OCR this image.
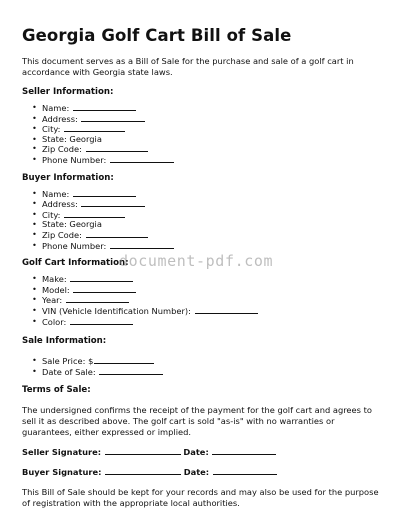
Georgia Golf Cart Bill of Sale

This document serves as a Bill of Sale for the purchase and sale of a golf cart in accordance with Georgia state laws.

Seller Information:
• Name:
• Address:
• City:
• State: Georgia
• Zip Code:
• Phone Number:
Buyer Information:
• Name:
• Address:
• City:
• State: Georgia
• Zip Code:
• Phone Number:
Golf Cart Information:
• Make:
• Model:
• Year:
• VIN (Vehicle Identification Number):
• Color:
Sale Information:
• Sale Price: $
• Date of Sale:
Terms of Sale:

The undersigned confirms the receipt of the payment for the golf cart and agrees to sell it as described above. The golf cart is sold "as-is" with no warranties or guarantees, either expressed or implied.

Seller Signature:	Date:
Buyer Signature:	Date:

This Bill of Sale should be kept for your records and may also be used for the purpose of registration with the appropriate local authorities.

document-pdf.com
